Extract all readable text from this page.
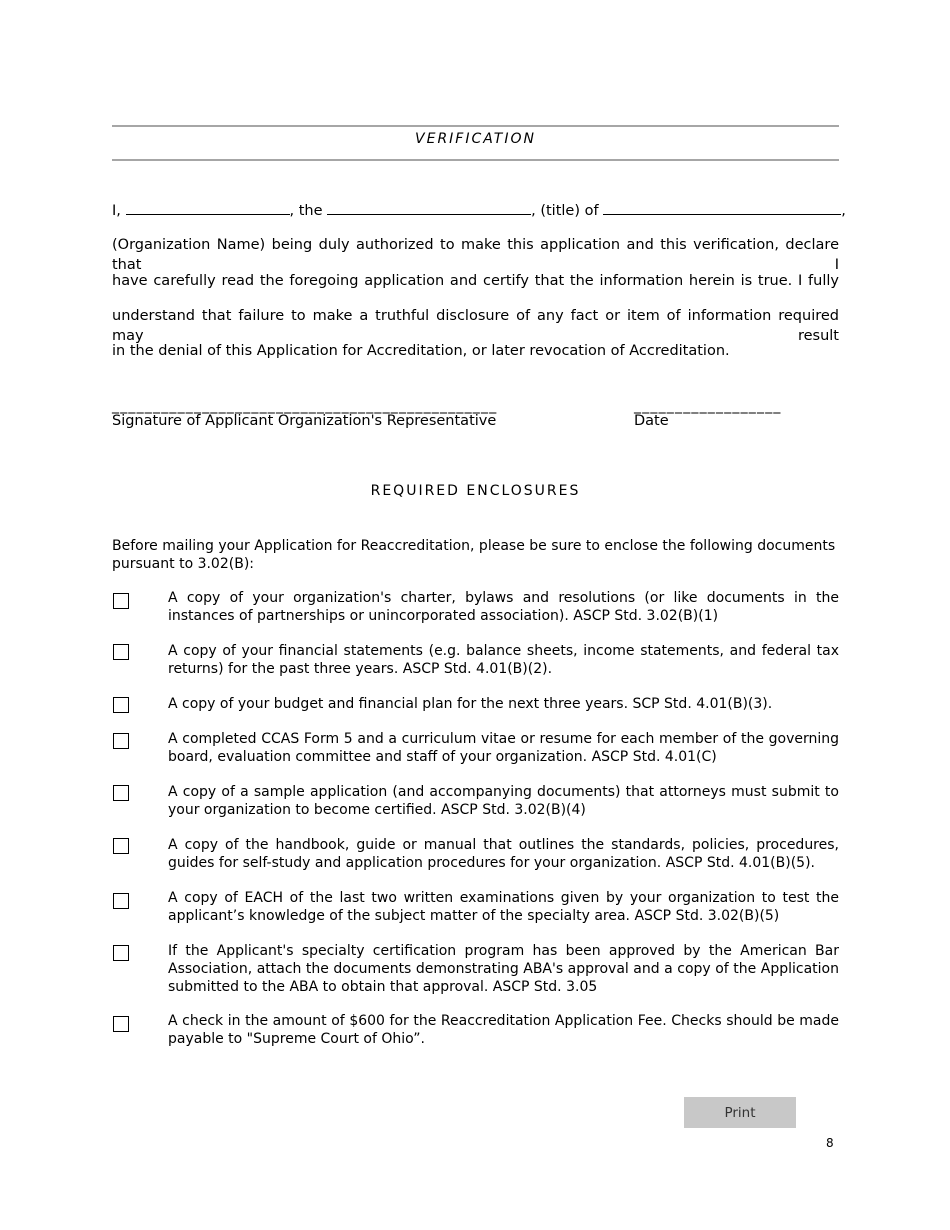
VERIFICATION
I,	, the	, (title) of	,
(Organization Name) being duly authorized to make this application and this verification, declare that I
have carefully read the foregoing application and certify that the information herein is true. I fully
understand that failure to make a truthful disclosure of any fact or item of information required may result
in the denial of this Application for Accreditation, or later revocation of Accreditation.
_______________________________________________
Signature of Applicant Organization's Representative
__________________
Date
REQUIRED ENCLOSURES
Before mailing your Application for Reaccreditation, please be sure to enclose the following documents pursuant to 3.02(B):
A copy of your organization's charter, bylaws and resolutions (or like documents in the instances of partnerships or unincorporated association). ASCP Std. 3.02(B)(1)
A copy of your financial statements (e.g. balance sheets, income statements, and federal tax returns) for the past three years. ASCP Std. 4.01(B)(2).
A copy of your budget and financial plan for the next three years. SCP Std. 4.01(B)(3).
A completed CCAS Form 5 and a curriculum vitae or resume for each member of the governing board, evaluation committee and staff of your organization. ASCP Std. 4.01(C)
A copy of a sample application (and accompanying documents) that attorneys must submit to your organization to become certified. ASCP Std. 3.02(B)(4)
A copy of the handbook, guide or manual that outlines the standards, policies, procedures, guides for self-study and application procedures for your organization. ASCP Std. 4.01(B)(5).
A copy of EACH of the last two written examinations given by your organization to test the applicant’s knowledge of the subject matter of the specialty area. ASCP Std. 3.02(B)(5)
If the Applicant's specialty certification program has been approved by the American Bar Association, attach the documents demonstrating ABA's approval and a copy of the Application submitted to the ABA to obtain that approval. ASCP Std. 3.05
A check in the amount of $600 for the Reaccreditation Application Fee. Checks should be made payable to "Supreme Court of Ohio”.
Print
8
